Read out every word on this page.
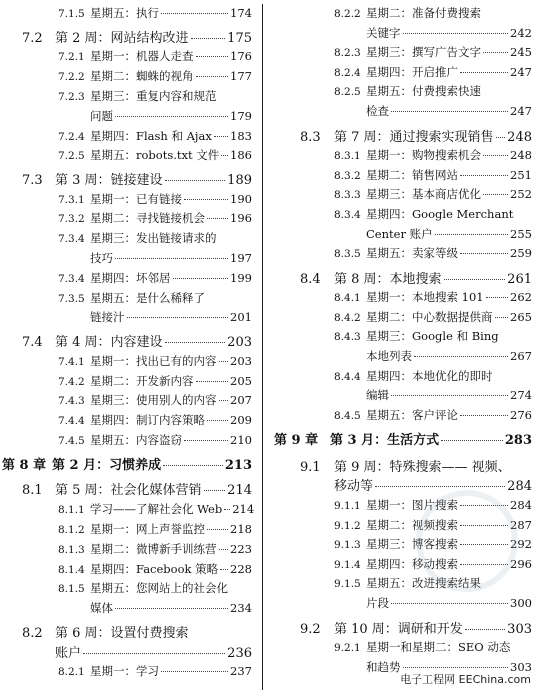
7.1.5 星期五：执行	174
7.2 第 2 周：网站结构改进	175
7.2.1 星期一：机器人走查	176
7.2.2 星期二：蜘蛛的视角	177
7.2.3 星期三：重复内容和规范
问题	179
7.2.4 星期四：Flash 和 Ajax 183
7.2.5 星期五：robots.txt 文件 186
7.3 第 3 周：链接建设	189
7.3.1 星期一：已有链接	190
7.3.2 星期二：寻找链接机会 196
7.3.4 星期三：发出链接请求的
技巧	197
7.3.4 星期四：坏邻居	199
7.3.5 星期五：是什么稀释了
链接汁	201
7.4 第 4 周：内容建设	203
7.4.1 星期一：找出已有的内容 203
7.4.2 星期二：开发新内容	205
7.4.3 星期三：使用别人的内容 207
7.4.4 星期四：制订内容策略 209
7.4.5 星期五：内容盗窃	210
第 8 章 第 2 月：习惯养成	213
8.1 第 5 周：社会化媒体营销 214
8.1.1 学习——了解社会化 Web 214
8.1.2 星期一：网上声誉监控 218
8.1.3 星期二：微博新手训练营 223
8.1.4 星期四：Facebook 策略 228
8.1.5 星期五：您网站上的社会化
媒体	234
8.2 第 6 周：设置付费搜索
账户	236
8.2.1 星期一：学习	237
8.2.2 星期二：准备付费搜索
关键字	242
8.2.3 星期三：撰写广告文字	245
8.2.4 星期四：开启推广	247
8.2.5 星期五：付费搜索快速
检查	247
8.3	第 7 周：通过搜索实现销售 248
8.3.1 星期一：购物搜索机会	248
8.3.2 星期二：销售网站	251
8.3.3 星期三：基本商店优化	252
8.3.4 星期四：Google Merchant
Center 账户	255
8.3.5 星期五：卖家等级	259
8.4	第 8 周：本地搜索	261
8.4.1 星期一：本地搜索 101 262
8.4.2 星期二：中心数据提供商 265
8.4.3 星期三：Google 和 Bing
本地列表	267
8.4.4 星期四：本地优化的即时
编辑	274
8.4.5 星期五：客户评论	276
第 9 章 第 3 月：生活方式	283
9.1	第 9 周：特殊搜索—— 视频、
移动等	284
9.1.1 星期一：图片搜索	284
9.1.2 星期二：视频搜索	287
9.1.3 星期三：博客搜索	292
9.1.4 星期四：移动搜索	296
9.1.5 星期五：改进搜索结果
片段	300
9.2	第 10 周：调研和开发	303
9.2.1 星期一和星期二：SEO 动态
和趋势	303
电子工程网 EEChina.com
